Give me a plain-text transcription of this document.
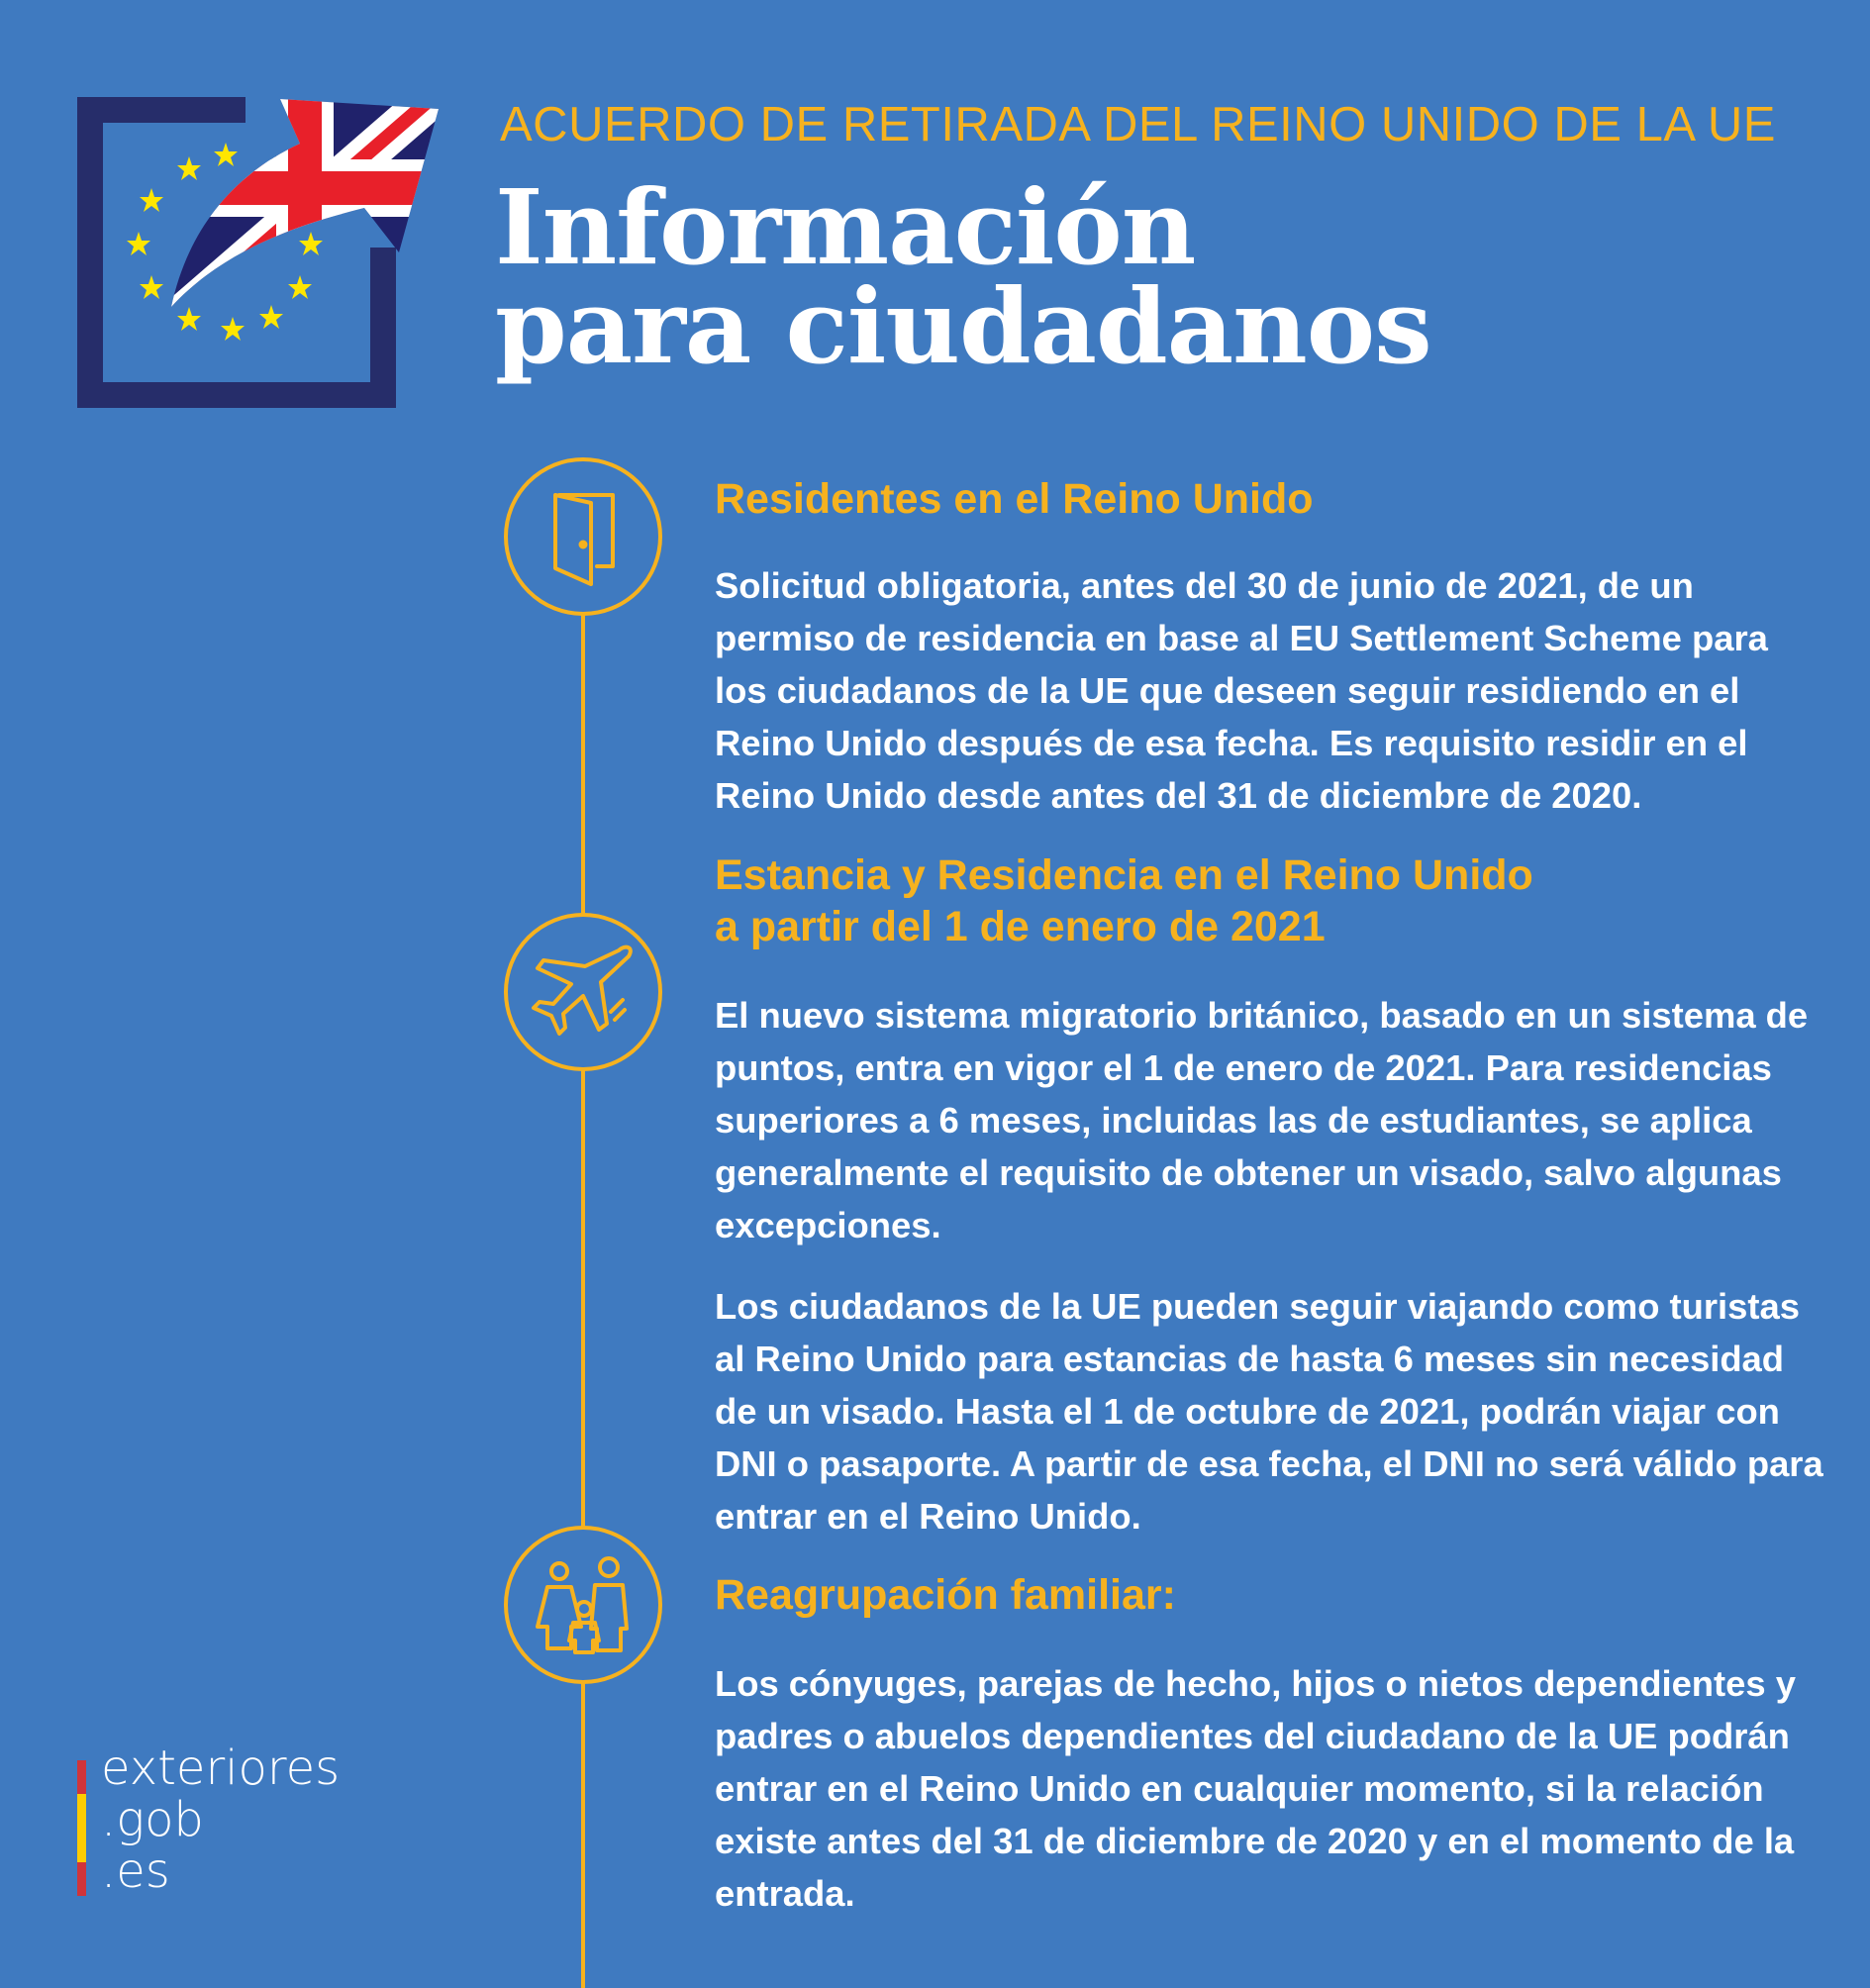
ACUERDO DE RETIRADA DEL REINO UNIDO DE LA UE
Información
para ciudadanos
Residentes en el Reino Unido
Solicitud obligatoria, antes del 30 de junio de 2021, de un permiso de residencia en base al EU Settlement Scheme para los ciudadanos de la UE que deseen seguir residiendo en el Reino Unido después de esa fecha. Es requisito residir en el Reino Unido desde antes del 31 de diciembre de 2020.
Estancia y Residencia en el Reino Unido
a partir del 1 de enero de 2021
El nuevo sistema migratorio británico, basado en un sistema de puntos, entra en vigor el 1 de enero de 2021. Para residencias superiores a 6 meses, incluidas las de estudiantes, se aplica generalmente el requisito de obtener un visado, salvo algunas excepciones.
Los ciudadanos de la UE pueden seguir viajando como turistas al Reino Unido para estancias de hasta 6 meses sin necesidad de un visado. Hasta el 1 de octubre de 2021, podrán viajar con DNI o pasaporte. A partir de esa fecha, el DNI no será válido para entrar en el Reino Unido.
Reagrupación familiar:
Los cónyuges, parejas de hecho, hijos o nietos dependientes y padres o abuelos dependientes del ciudadano de la UE podrán entrar en el Reino Unido en cualquier momento, si la relación existe antes del 31 de diciembre de 2020 y en el momento de la entrada.
exteriores
.gob
.es
